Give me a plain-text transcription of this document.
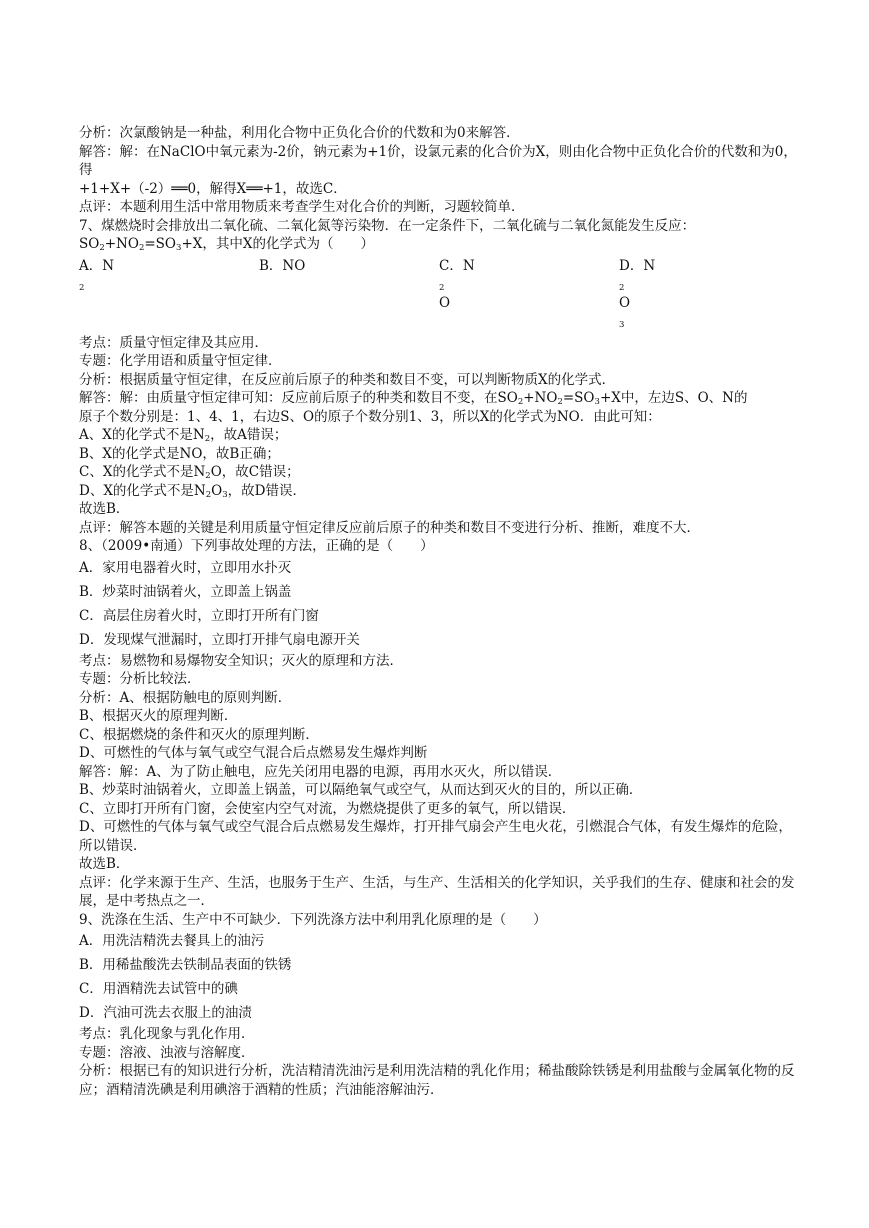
分析：次氯酸钠是一种盐，利用化合物中正负化合价的代数和为0来解答．

解答：解：在NaClO中氧元素为-2价，钠元素为+1价，设氯元素的化合价为X，则由化合物中正负化合价的代数和为0，得

+1+X+（-2）══0，解得X══+1，故选C．

点评：本题利用生活中常用物质来考查学生对化合价的判断，习题较简单．

7、煤燃烧时会排放出二氧化硫、二氧化氮等污染物．在一定条件下，二氧化硫与二氧化氮能发生反应：

$SO_2+NO_2=SO_3+X$，其中X的化学式为（　　）

A．$N_2$
B．NO	C．$N_2O$
D．$N_2O_3$

考点：质量守恒定律及其应用．

专题：化学用语和质量守恒定律．

分析：根据质量守恒定律，在反应前后原子的种类和数目不变，可以判断物质X的化学式．

解答：解：由质量守恒定律可知：反应前后原子的种类和数目不变，在$SO_2+NO_2=SO_3+X$中，左边S、O、N的

原子个数分别是：1、4、1，右边S、O的原子个数分别1、3，所以X的化学式为NO．由此可知：

A、X的化学式不是$N_2$，故A错误；

B、X的化学式是NO，故B正确；

C、X的化学式不是$N_2O$，故C错误；

D、X的化学式不是$N_2O_3$，故D错误．

故选B．

点评：解答本题的关键是利用质量守恒定律反应前后原子的种类和数目不变进行分析、推断，难度不大．

8、（2009•南通）下列事故处理的方法，正确的是（　　）

A．家用电器着火时，立即用水扑灭

B．炒菜时油锅着火，立即盖上锅盖

C．高层住房着火时，立即打开所有门窗

D．发现煤气泄漏时，立即打开排气扇电源开关

考点：易燃物和易爆物安全知识；灭火的原理和方法．

专题：分析比较法．

分析：A、根据防触电的原则判断．

B、根据灭火的原理判断．

C、根据燃烧的条件和灭火的原理判断．

D、可燃性的气体与氧气或空气混合后点燃易发生爆炸判断

解答：解：A、为了防止触电，应先关闭用电器的电源，再用水灭火，所以错误．

B、炒菜时油锅着火，立即盖上锅盖，可以隔绝氧气或空气，从而达到灭火的目的，所以正确．

C、立即打开所有门窗，会使室内空气对流，为燃烧提供了更多的氧气，所以错误．

D、可燃性的气体与氧气或空气混合后点燃易发生爆炸，打开排气扇会产生电火花，引燃混合气体，有发生爆炸的危险，所以错误．

故选B．

点评：化学来源于生产、生活，也服务于生产、生活，与生产、生活相关的化学知识，关乎我们的生存、健康和社会的发展，是中考热点之一．

9、洗涤在生活、生产中不可缺少．下列洗涤方法中利用乳化原理的是（　　）

A．用洗洁精洗去餐具上的油污

B．用稀盐酸洗去铁制品表面的铁锈

C．用酒精洗去试管中的碘

D．汽油可洗去衣服上的油渍

考点：乳化现象与乳化作用．

专题：溶液、浊液与溶解度．

分析：根据已有的知识进行分析，洗洁精清洗油污是利用洗洁精的乳化作用；稀盐酸除铁锈是利用盐酸与金属氧化物的反应；酒精清洗碘是利用碘溶于酒精的性质；汽油能溶解油污．
